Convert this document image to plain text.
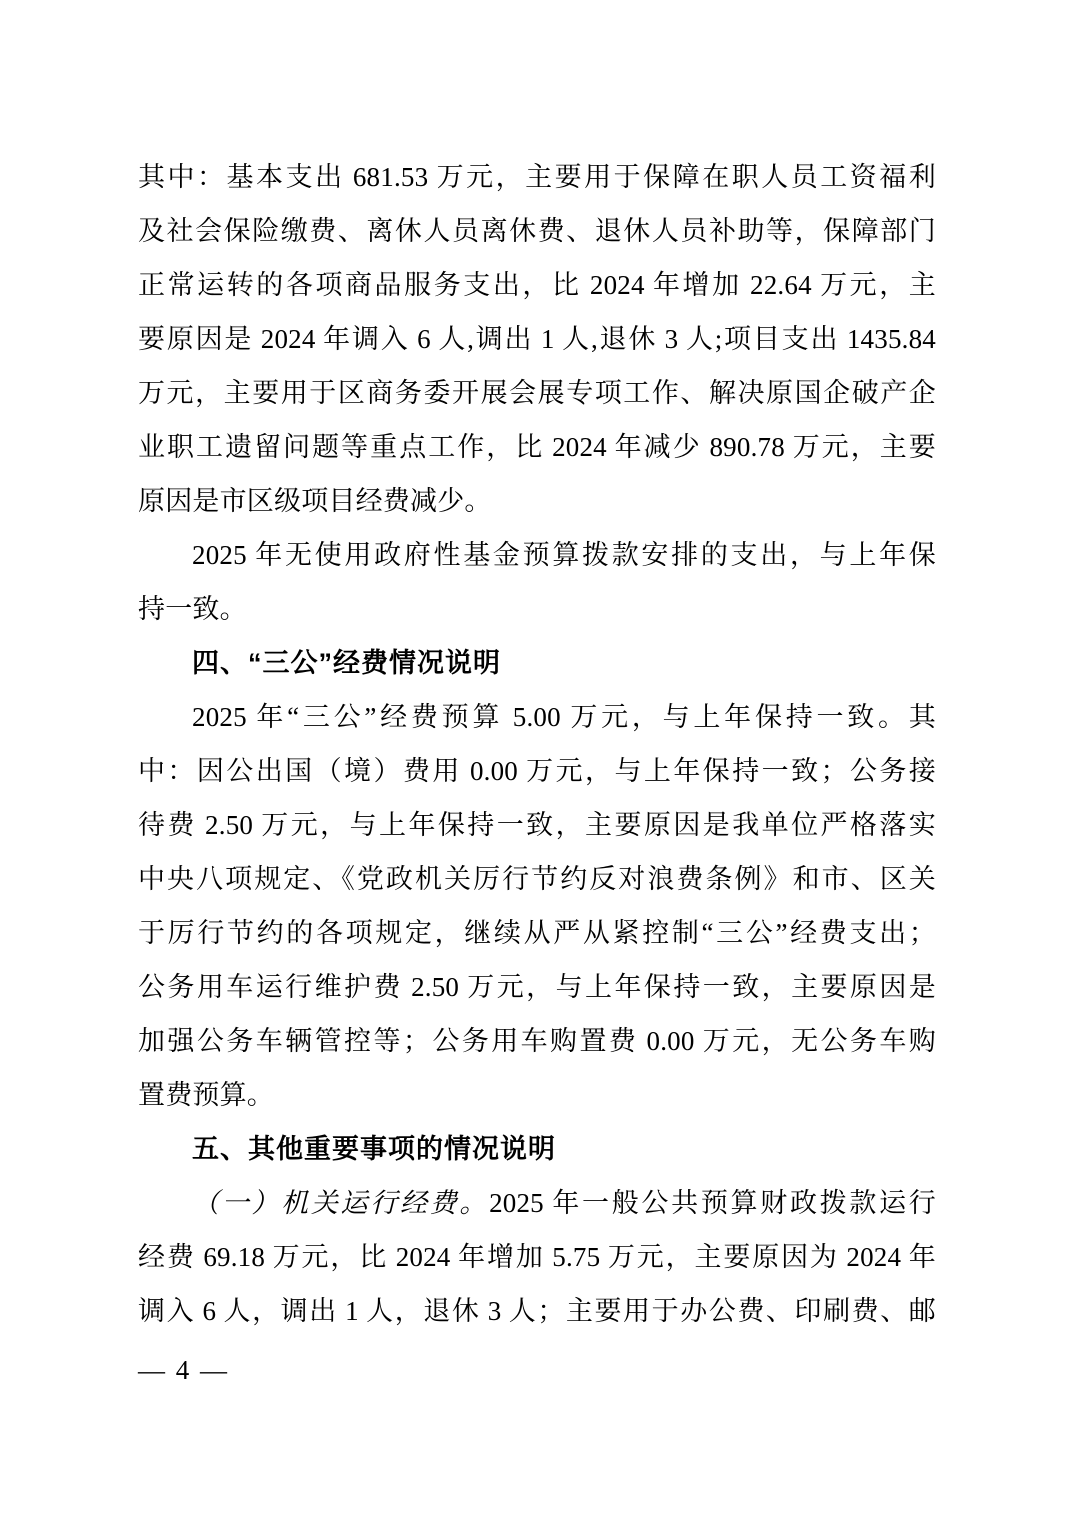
其中：基本支出 681.53 万元，主要用于保障在职人员工资福利
及社会保险缴费、离休人员离休费、退休人员补助等，保障部门
正常运转的各项商品服务支出，比 2024 年增加 22.64 万元，主
要原因是 2024 年调入 6 人,调出 1 人,退休 3 人;项目支出 1435.84
万元，主要用于区商务委开展会展专项工作、解决原国企破产企
业职工遗留问题等重点工作，比 2024 年减少 890.78 万元，主要
原因是市区级项目经费减少。
2025 年无使用政府性基金预算拨款安排的支出，与上年保
持一致。
四、“三公”经费情况说明
2025 年“三公”经费预算 5.00 万元，与上年保持一致。其
中：因公出国（境）费用 0.00 万元，与上年保持一致；公务接
待费 2.50 万元，与上年保持一致，主要原因是我单位严格落实
中央八项规定、《党政机关厉行节约反对浪费条例》和市、区关
于厉行节约的各项规定，继续从严从紧控制“三公”经费支出；
公务用车运行维护费 2.50 万元，与上年保持一致，主要原因是
加强公务车辆管控等；公务用车购置费 0.00 万元，无公务车购
置费预算。
五、其他重要事项的情况说明
（一）机关运行经费。2025 年一般公共预算财政拨款运行
经费 69.18 万元，比 2024 年增加 5.75 万元，主要原因为 2024 年
调入 6 人，调出 1 人，退休 3 人；主要用于办公费、印刷费、邮
— 4 —
